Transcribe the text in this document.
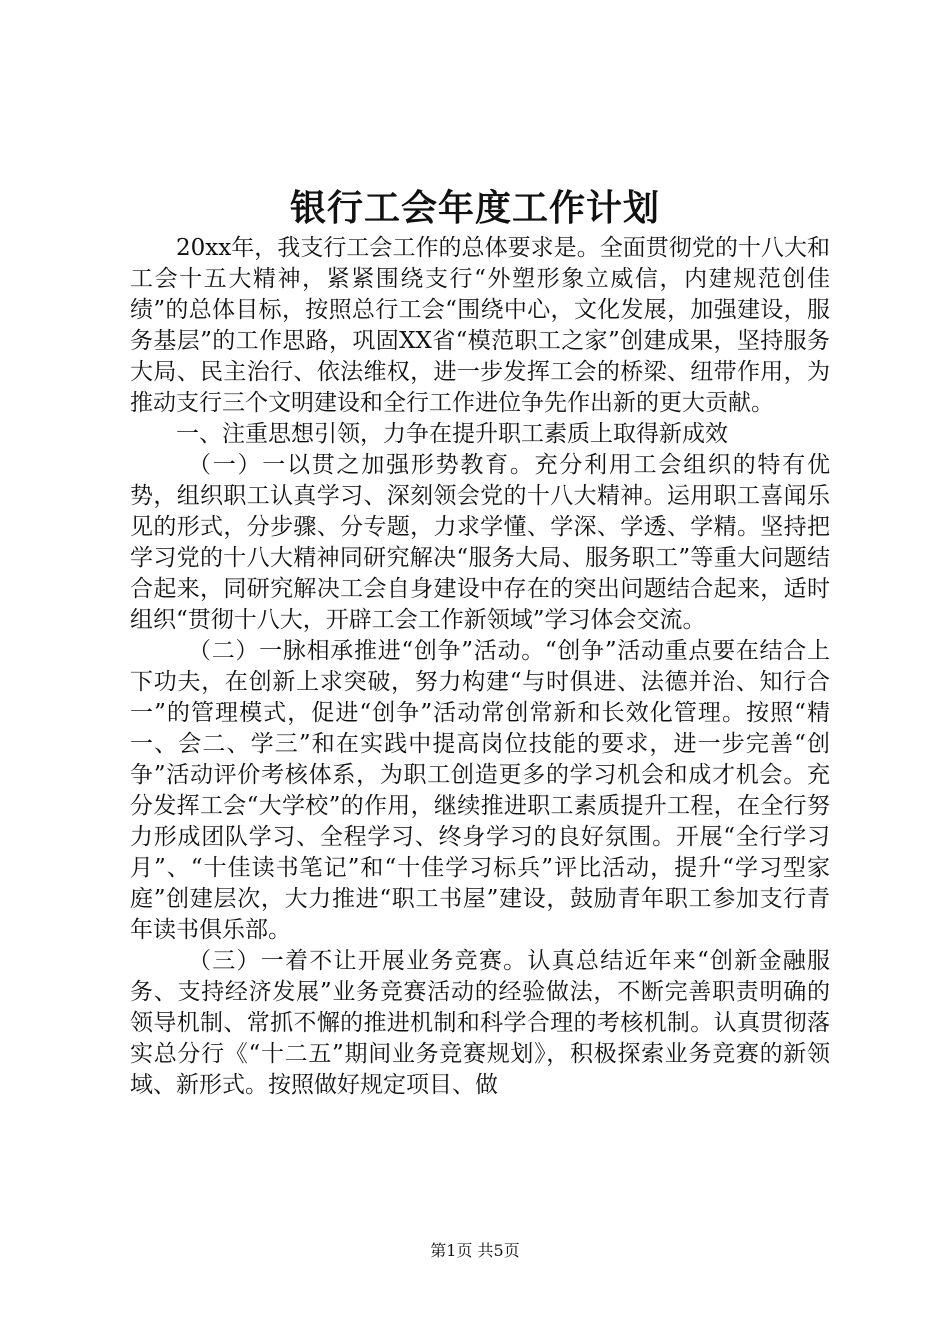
银行工会年度工作计划

20xx年，我支行工会工作的总体要求是。全面贯彻党的十八大和工会十五大精神，紧紧围绕支行“外塑形象立威信，内建规范创佳绩”的总体目标，按照总行工会“围绕中心，文化发展，加强建设，服务基层”的工作思路，巩固XX省“模范职工之家”创建成果，坚持服务大局、民主治行、依法维权，进一步发挥工会的桥梁、纽带作用，为推动支行三个文明建设和全行工作进位争先作出新的更大贡献。

一、注重思想引领，力争在提升职工素质上取得新成效

（一）一以贯之加强形势教育。充分利用工会组织的特有优势，组织职工认真学习、深刻领会党的十八大精神。运用职工喜闻乐见的形式，分步骤、分专题，力求学懂、学深、学透、学精。坚持把学习党的十八大精神同研究解决“服务大局、服务职工”等重大问题结合起来，同研究解决工会自身建设中存在的突出问题结合起来，适时组织“贯彻十八大，开辟工会工作新领域”学习体会交流。

（二）一脉相承推进“创争”活动。“创争”活动重点要在结合上下功夫，在创新上求突破，努力构建“与时俱进、法德并治、知行合一”的管理模式，促进“创争”活动常创常新和长效化管理。按照“精一、会二、学三”和在实践中提高岗位技能的要求，进一步完善“创争”活动评价考核体系，为职工创造更多的学习机会和成才机会。充分发挥工会“大学校”的作用，继续推进职工素质提升工程，在全行努力形成团队学习、全程学习、终身学习的良好氛围。开展“全行学习月”、“十佳读书笔记”和“十佳学习标兵”评比活动，提升“学习型家庭”创建层次，大力推进“职工书屋”建设，鼓励青年职工参加支行青年读书俱乐部。

（三）一着不让开展业务竞赛。认真总结近年来“创新金融服务、支持经济发展”业务竞赛活动的经验做法，不断完善职责明确的领导机制、常抓不懈的推进机制和科学合理的考核机制。认真贯彻落实总分行《“十二五”期间业务竞赛规划》，积极探索业务竞赛的新领域、新形式。按照做好规定项目、做

第1页 共5页
